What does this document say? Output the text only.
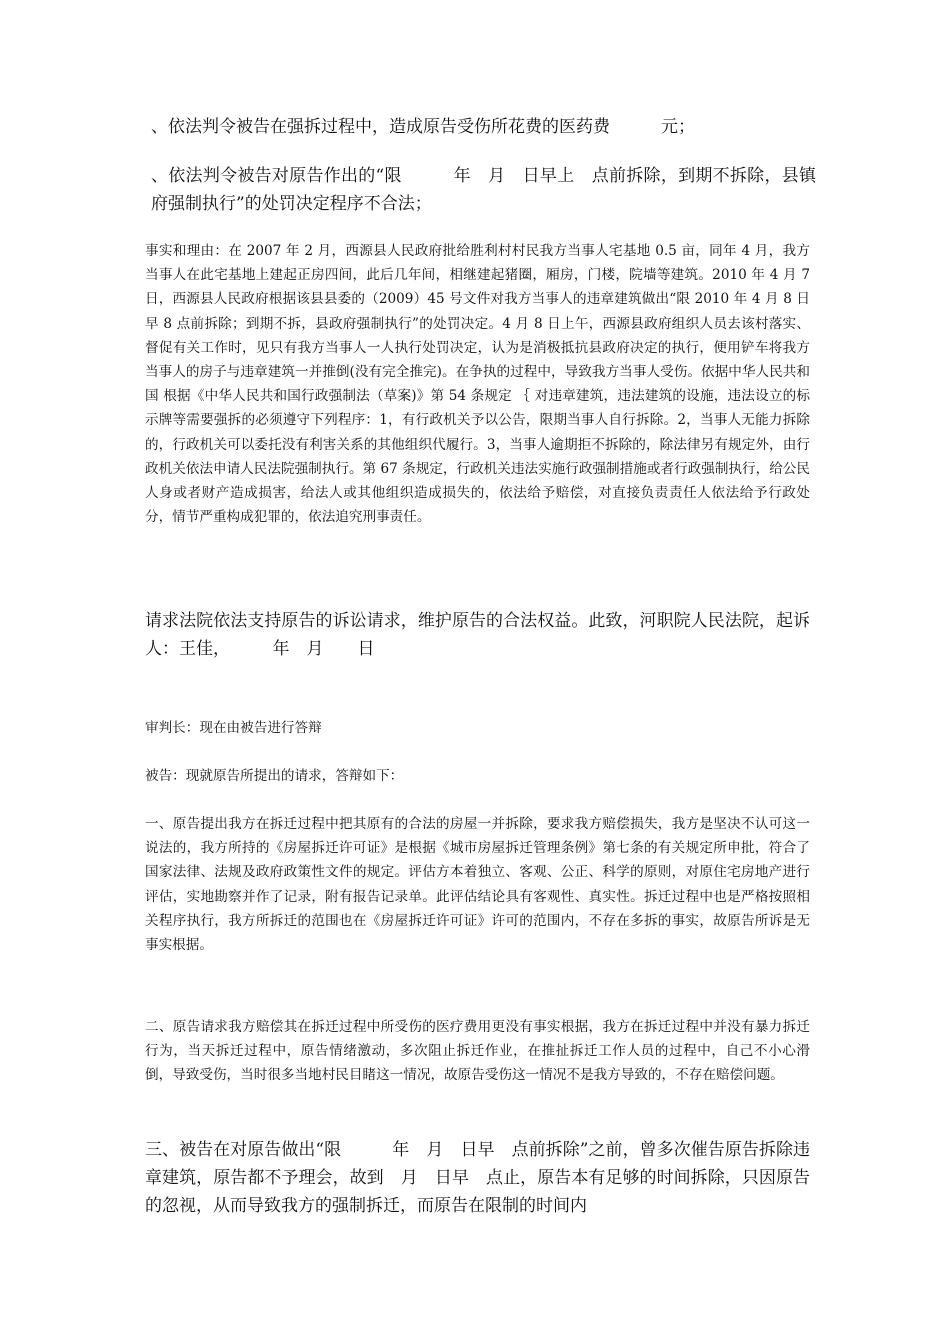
、依法判令被告在强拆过程中，造成原告受伤所花费的医药费　　　元；

、依法判令被告对原告作出的“限　　　年　月　日早上　点前拆除，到期不拆除，县镇府强制执行”的处罚决定程序不合法；

事实和理由：在 2007 年 2 月，西源县人民政府批给胜利村村民我方当事人宅基地 0.5 亩，同年 4 月，我方当事人在此宅基地上建起正房四间，此后几年间，相继建起猪圈，厢房，门楼，院墙等建筑。2010 年 4 月 7 日，西源县人民政府根据该县县委的（2009）45 号文件对我方当事人的违章建筑做出“限 2010 年 4 月 8 日早 8 点前拆除；到期不拆，县政府强制执行”的处罚决定。4 月 8 日上午，西源县政府组织人员去该村落实、督促有关工作时，见只有我方当事人一人执行处罚决定，认为是消极抵抗县政府决定的执行，便用铲车将我方当事人的房子与违章建筑一并推倒(没有完全推完)。在争执的过程中，导致我方当事人受伤。依据中华人民共和国 根据《中华人民共和国行政强制法（草案)》第 54 条规定 ｛ 对违章建筑，违法建筑的设施，违法设立的标示牌等需要强拆的必须遵守下列程序：1，有行政机关予以公告，限期当事人自行拆除。2，当事人无能力拆除的，行政机关可以委托没有利害关系的其他组织代履行。3，当事人逾期拒不拆除的，除法律另有规定外，由行政机关依法申请人民法院强制执行。第 67 条规定，行政机关违法实施行政强制措施或者行政强制执行，给公民人身或者财产造成损害，给法人或其他组织造成损失的，依法给予赔偿，对直接负责责任人依法给予行政处分，情节严重构成犯罪的，依法追究刑事责任。

请求法院依法支持原告的诉讼请求，维护原告的合法权益。此致，河职院人民法院，起诉人：王佳，　　　年　月　　日

审判长：现在由被告进行答辩

被告：现就原告所提出的请求，答辩如下：

一、原告提出我方在拆迁过程中把其原有的合法的房屋一并拆除，要求我方赔偿损失，我方是坚决不认可这一说法的，我方所持的《房屋拆迁许可证》是根据《城市房屋拆迁管理条例》第七条的有关规定所申批，符合了国家法律、法规及政府政策性文件的规定。评估方本着独立、客观、公正、科学的原则，对原住宅房地产进行评估，实地勘察并作了记录，附有报告记录单。此评估结论具有客观性、真实性。拆迁过程中也是严格按照相关程序执行，我方所拆迁的范围也在《房屋拆迁许可证》许可的范围内，不存在多拆的事实，故原告所诉是无事实根据。

二、原告请求我方赔偿其在拆迁过程中所受伤的医疗费用更没有事实根据，我方在拆迁过程中并没有暴力拆迁行为，当天拆迁过程中，原告情绪激动，多次阻止拆迁作业，在推扯拆迁工作人员的过程中，自己不小心滑倒，导致受伤，当时很多当地村民目睹这一情况，故原告受伤这一情况不是我方导致的，不存在赔偿问题。

三、被告在对原告做出“限　　　年　月　日早　点前拆除”之前，曾多次催告原告拆除违章建筑，原告都不予理会，故到　月　日早　点止，原告本有足够的时间拆除，只因原告的忽视，从而导致我方的强制拆迁，而原告在限制的时间内
